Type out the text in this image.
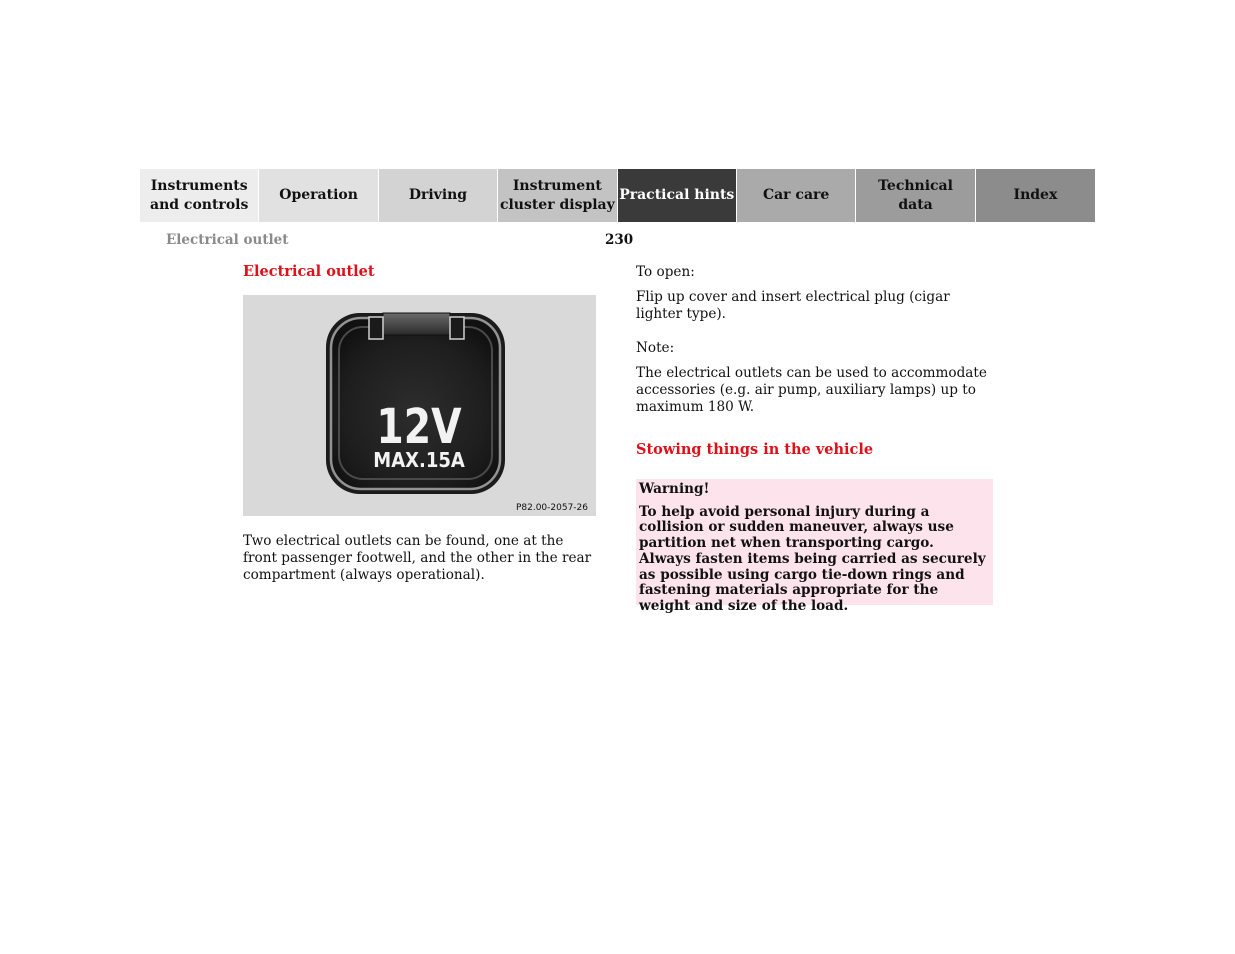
Instruments
and controls
Operation	Driving
Instrument
cluster display
Practical hints Car care
Technical
data
Index
Electrical outlet	230
Electrical outlet
12V
MAX.15A
P82.00-2057-26
Two electrical outlets can be found, one at the front passenger footwell, and the other in the rear compartment (always operational).
To open:
Flip up cover and insert electrical plug (cigar lighter type).
Note:
The electrical outlets can be used to accommodate accessories (e.g. air pump, auxiliary lamps) up to maximum 180 W.
Stowing things in the vehicle
Warning!
To help avoid personal injury during a collision or sudden maneuver, always use partition net when transporting cargo. Always fasten items being carried as securely as possible using cargo tie-down rings and fastening materials appropriate for the weight and size of the load.
